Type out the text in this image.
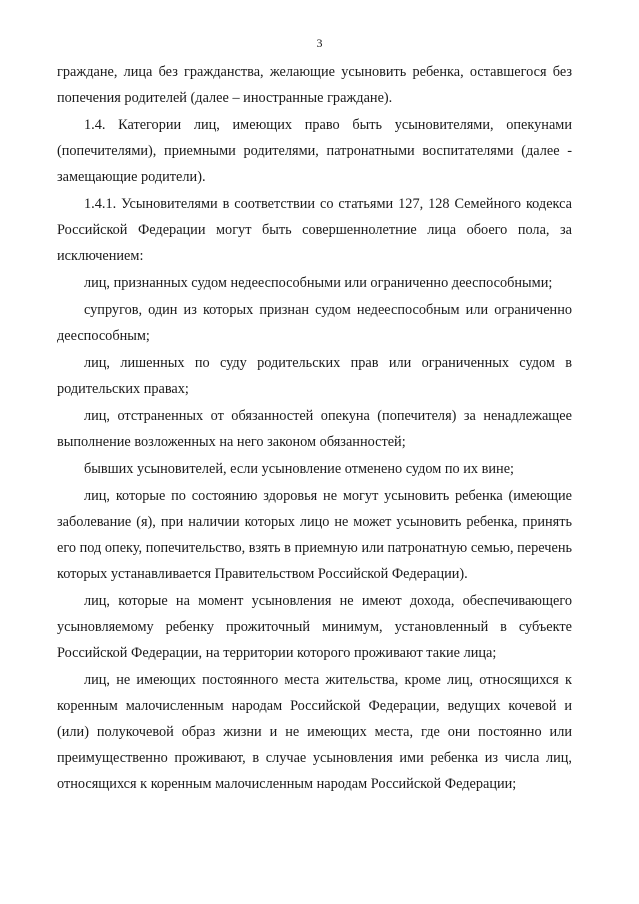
3

граждане, лица без гражданства, желающие усыновить ребенка, оставшегося без попечения родителей (далее – иностранные граждане).

1.4. Категории лиц, имеющих право быть усыновителями, опекунами (попечителями), приемными родителями, патронатными воспитателями (далее - замещающие родители).

1.4.1. Усыновителями в соответствии со статьями 127, 128 Семейного кодекса Российской Федерации могут быть совершеннолетние лица обоего пола, за исключением:

лиц, признанных судом недееспособными или ограниченно дееспособными;

супругов, один из которых признан судом недееспособным или ограниченно дееспособным;

лиц, лишенных по суду родительских прав или ограниченных судом в родительских правах;

лиц, отстраненных от обязанностей опекуна (попечителя) за ненадлежащее выполнение возложенных на него законом обязанностей;

бывших усыновителей, если усыновление отменено судом по их вине;

лиц, которые по состоянию здоровья не могут усыновить ребенка (имеющие заболевание (я), при наличии которых лицо не может усыновить ребенка, принять его под опеку, попечительство, взять в приемную или патронатную семью, перечень которых устанавливается Правительством Российской Федерации).

лиц, которые на момент усыновления не имеют дохода, обеспечивающего усыновляемому ребенку прожиточный минимум, установленный в субъекте Российской Федерации, на территории которого проживают такие лица;

лиц, не имеющих постоянного места жительства, кроме лиц, относящихся к коренным малочисленным народам Российской Федерации, ведущих кочевой и (или) полукочевой образ жизни и не имеющих места, где они постоянно или преимущественно проживают, в случае усыновления ими ребенка из числа лиц, относящихся к коренным малочисленным народам Российской Федерации;
